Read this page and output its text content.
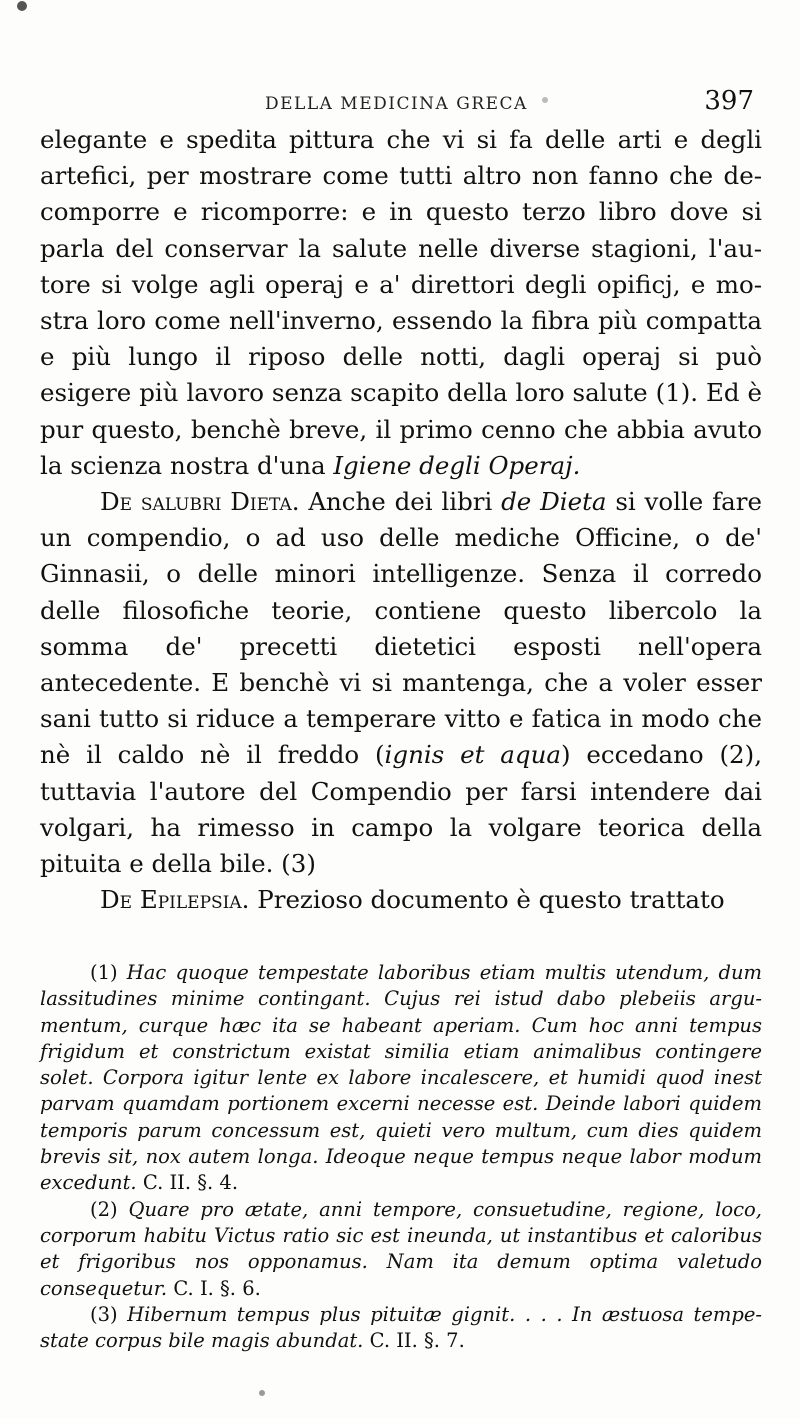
DELLA MEDICINA GRECA	397

elegante e spedita pittura che vi si fa delle arti e degli artefici, per mostrare come tutti altro non fanno che decomporre e ricomporre: e in questo terzo libro dove si parla del conservar la salute nelle diverse stagioni, l'autore si volge agli operaj e a' direttori degli opificj, e mostra loro come nell'inverno, essendo la fibra più compatta e più lungo il riposo delle notti, dagli operaj si può esigere più lavoro senza scapito della loro salute (1). Ed è pur questo, benchè breve, il primo cenno che abbia avuto la scienza nostra d'una Igiene degli Operaj.

De salubri Dieta. Anche dei libri de Dieta si volle fare un compendio, o ad uso delle mediche Officine, o de' Ginnasii, o delle minori intelligenze. Senza il corredo delle filosofiche teorie, contiene questo libercolo la somma de' precetti dietetici esposti nell'opera antecedente. E benchè vi si mantenga, che a voler esser sani tutto si riduce a temperare vitto e fatica in modo che nè il caldo nè il freddo (ignis et aqua) eccedano (2), tuttavia l'autore del Compendio per farsi intendere dai volgari, ha rimesso in campo la volgare teorica della pituita e della bile. (3)

De Epilepsia. Prezioso documento è questo trattato

(1) Hac quoque tempestate laboribus etiam multis utendum, dum lassitudines minime contingant. Cujus rei istud dabo plebeiis argumentum, curque hæc ita se habeant aperiam. Cum hoc anni tempus frigidum et constrictum existat similia etiam animalibus contingere solet. Corpora igitur lente ex labore incalescere, et humidi quod inest parvam quamdam portionem excerni necesse est. Deinde labori quidem temporis parum concessum est, quieti vero multum, cum dies quidem brevis sit, nox autem longa. Ideoque neque tempus neque labor modum excedunt. C. II. §. 4.

(2) Quare pro ætate, anni tempore, consuetudine, regione, loco, corporum habitu Victus ratio sic est ineunda, ut instantibus et caloribus et frigoribus nos opponamus. Nam ita demum optima valetudo consequetur. C. I. §. 6.

(3) Hibernum tempus plus pituitæ gignit. . . . In æstuosa tempestate corpus bile magis abundat. C. II. §. 7.
